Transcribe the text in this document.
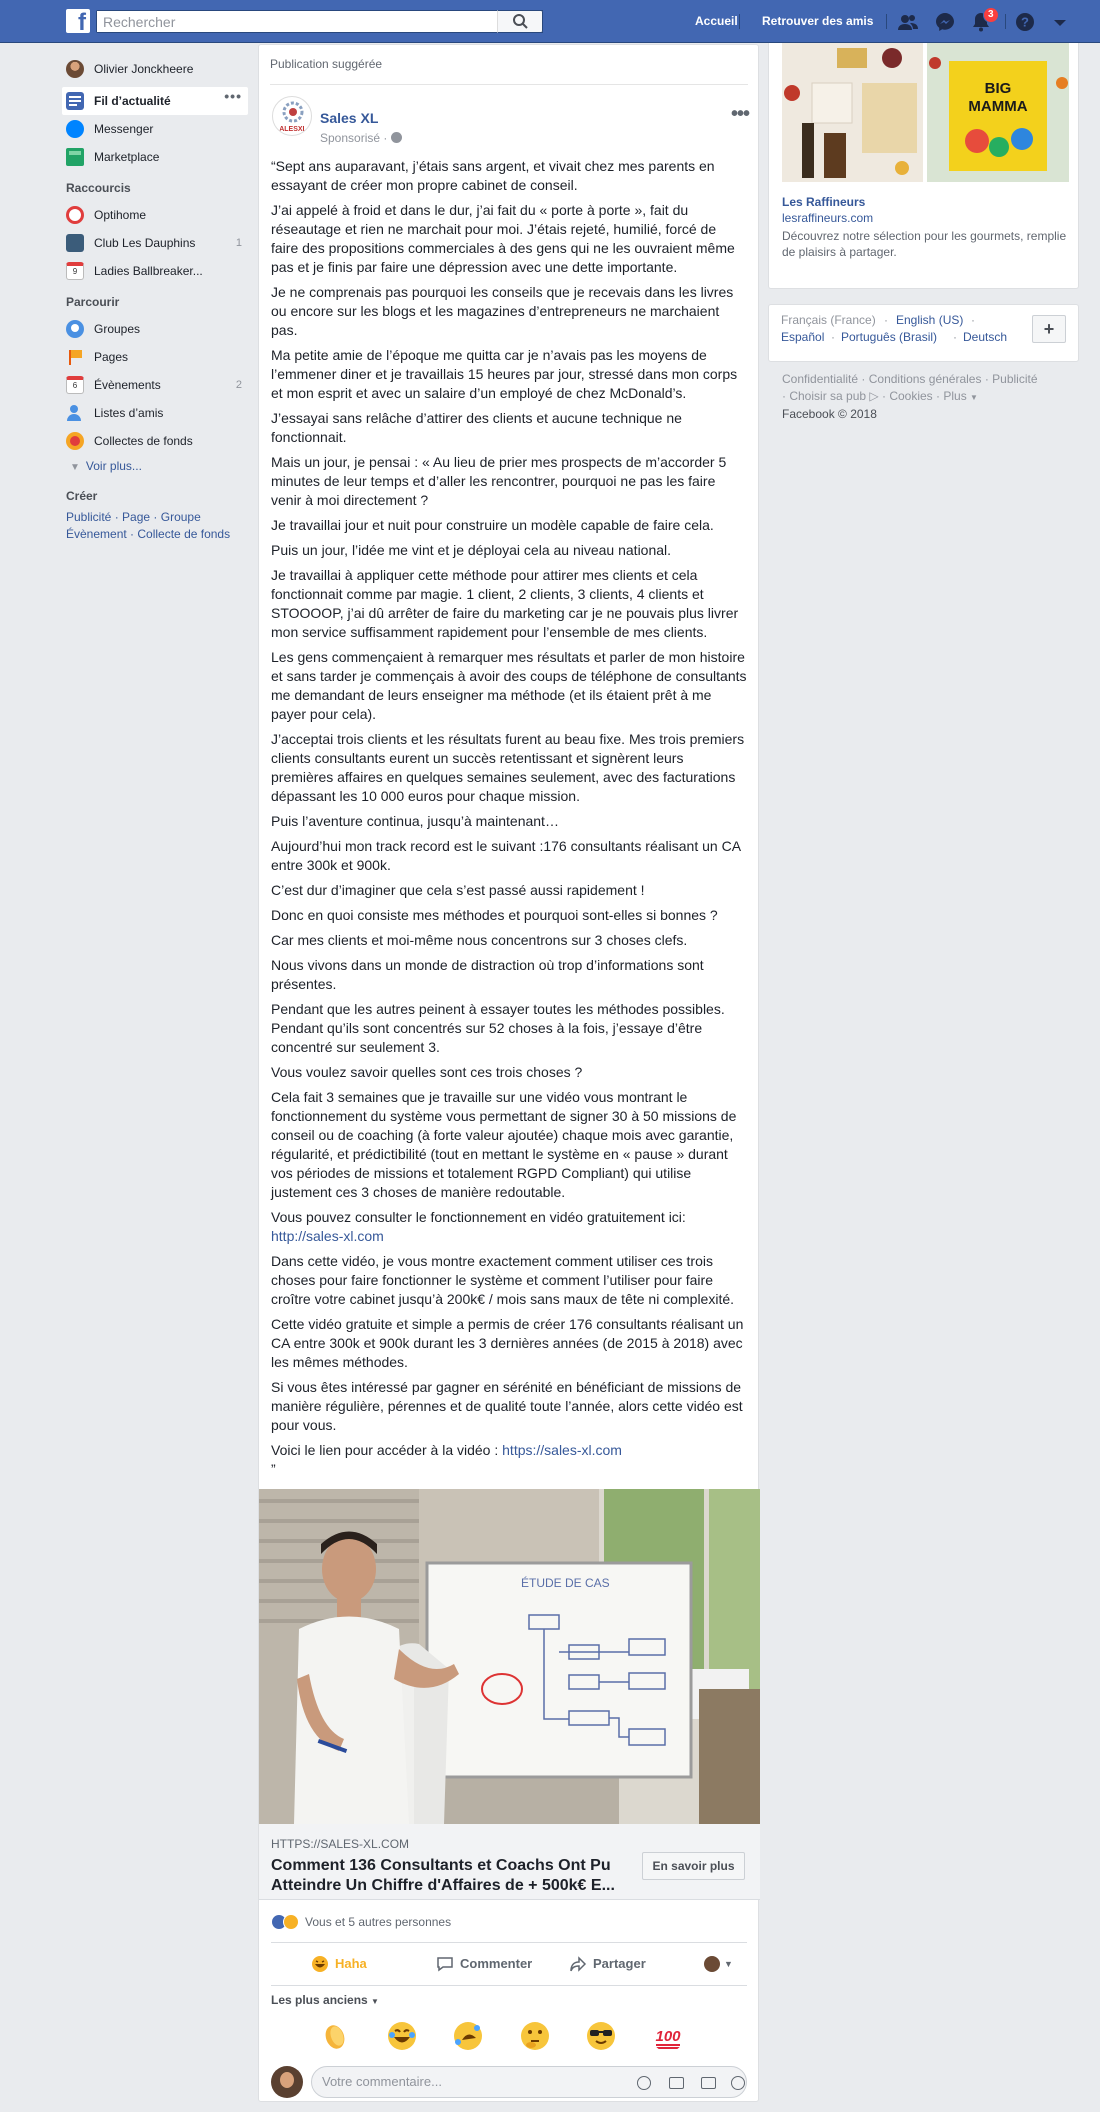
f
Rechercher	Accueil Retrouver des amis	3	?
Olivier Jonckheere
Fil d’actualité	•••
Messenger
Marketplace
Raccourcis
Optihome
Club Les Dauphins	1
9	Ladies Ballbreaker...
Parcourir
Groupes
Pages
6	Évènements	2
Listes d’amis
Collectes de fonds
▼ Voir plus...
Créer
Publicité · Page · Groupe
Évènement · Collecte de fonds
Publication suggérée
ALESXL
Sales XL
Sponsorisé ·
•••

“Sept ans auparavant, j’étais sans argent, et vivait chez mes parents en essayant de créer mon propre cabinet de conseil.

J’ai appelé à froid et dans le dur, j’ai fait du « porte à porte », fait du réseautage et rien ne marchait pour moi. J’étais rejeté, humilié, forcé de faire des propositions commerciales à des gens qui ne les ouvraient même pas et je finis par faire une dépression avec une dette importante.

Je ne comprenais pas pourquoi les conseils que je recevais dans les livres ou encore sur les blogs et les magazines d’entrepreneurs ne marchaient pas.

Ma petite amie de l’époque me quitta car je n’avais pas les moyens de l’emmener diner et je travaillais 15 heures par jour, stressé dans mon corps et mon esprit et avec un salaire d’un employé de chez McDonald’s.

J’essayai sans relâche d’attirer des clients et aucune technique ne fonctionnait.

Mais un jour, je pensai : « Au lieu de prier mes prospects de m’accorder 5 minutes de leur temps et d’aller les rencontrer, pourquoi ne pas les faire venir à moi directement ?

Je travaillai jour et nuit pour construire un modèle capable de faire cela.

Puis un jour, l’idée me vint et je déployai cela au niveau national.

Je travaillai à appliquer cette méthode pour attirer mes clients et cela fonctionnait comme par magie. 1 client, 2 clients, 3 clients, 4 clients et STOOOOP, j’ai dû arrêter de faire du marketing car je ne pouvais plus livrer mon service suffisamment rapidement pour l’ensemble de mes clients.

Les gens commençaient à remarquer mes résultats et parler de mon histoire et sans tarder je commençais à avoir des coups de téléphone de consultants me demandant de leurs enseigner ma méthode (et ils étaient prêt à me payer pour cela).

J’acceptai trois clients et les résultats furent au beau fixe. Mes trois premiers clients consultants eurent un succès retentissant et signèrent leurs premières affaires en quelques semaines seulement, avec des facturations dépassant les 10 000 euros pour chaque mission.

Puis l’aventure continua, jusqu’à maintenant…

Aujourd’hui mon track record est le suivant :176 consultants réalisant un CA entre 300k et 900k.

C’est dur d’imaginer que cela s’est passé aussi rapidement !

Donc en quoi consiste mes méthodes et pourquoi sont-elles si bonnes ?

Car mes clients et moi-même nous concentrons sur 3 choses clefs.

Nous vivons dans un monde de distraction où trop d’informations sont présentes.

Pendant que les autres peinent à essayer toutes les méthodes possibles. Pendant qu’ils sont concentrés sur 52 choses à la fois, j’essaye d’être concentré sur seulement 3.

Vous voulez savoir quelles sont ces trois choses ?

Cela fait 3 semaines que je travaille sur une vidéo vous montrant le fonctionnement du système vous permettant de signer 30 à 50 missions de conseil ou de coaching (à forte valeur ajoutée) chaque mois avec garantie, régularité, et prédictibilité (tout en mettant le système en « pause » durant vos périodes de missions et totalement RGPD Compliant) qui utilise justement ces 3 choses de manière redoutable.

Vous pouvez consulter le fonctionnement en vidéo gratuitement ici:
http://sales-xl.com

Dans cette vidéo, je vous montre exactement comment utiliser ces trois choses pour faire fonctionner le système et comment l’utiliser pour faire croître votre cabinet jusqu’à 200k€ / mois sans maux de tête ni complexité.

Cette vidéo gratuite et simple a permis de créer 176 consultants réalisant un CA entre 300k et 900k durant les 3 dernières années (de 2015 à 2018) avec les mêmes méthodes.

Si vous êtes intéressé par gagner en sérénité en bénéficiant de missions de manière régulière, pérennes et de qualité toute l’année, alors cette vidéo est pour vous.

Voici le lien pour accéder à la vidéo : https://sales-xl.com
”

ÉTUDE DE CAS
HTTPS://SALES-XL.COM
Comment 136 Consultants et Coachs Ont Pu
Atteindre Un Chiffre d'Affaires de + 500k€ E...
En savoir plus
Vous et 5 autres personnes
Haha	Commenter	Partager	▼
Les plus anciens ▼
100
Votre commentaire...
BIG
MAMMA
Les Raffineurs
lesraffineurs.com
Découvrez notre sélection pour les gourmets, remplie de plaisirs à partager.
Français (France) · English (US) ·
Español · Português (Brasil) · Deutsch	+
Confidentialité · Conditions générales · Publicité
· Choisir sa pub ▷ · Cookies · Plus ▼
Facebook © 2018
